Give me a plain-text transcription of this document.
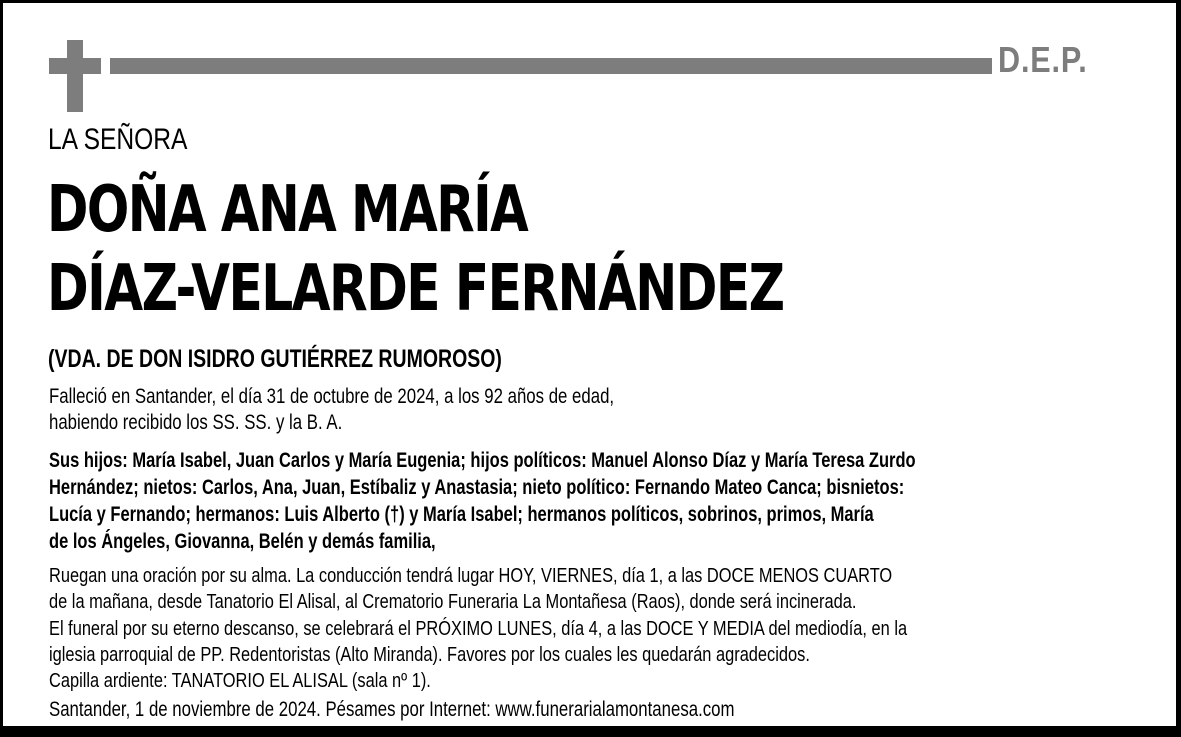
D.E.P.
LA SEÑORA
DOÑA ANA MARÍA
DÍAZ-VELARDE FERNÁNDEZ
(VDA. DE DON ISIDRO GUTIÉRREZ RUMOROSO)
Falleció en Santander, el día 31 de octubre de 2024, a los 92 años de edad,
habiendo recibido los SS. SS. y la B. A.
Sus hijos: María Isabel, Juan Carlos y María Eugenia; hijos políticos: Manuel Alonso Díaz y María Teresa Zurdo
Hernández; nietos: Carlos, Ana, Juan, Estíbaliz y Anastasia; nieto político: Fernando Mateo Canca; bisnietos:
Lucía y Fernando; hermanos: Luis Alberto (†) y María Isabel; hermanos políticos, sobrinos, primos, María
de los Ángeles, Giovanna, Belén y demás familia,
Ruegan una oración por su alma. La conducción tendrá lugar HOY, VIERNES, día 1, a las DOCE MENOS CUARTO
de la mañana, desde Tanatorio El Alisal, al Crematorio Funeraria La Montañesa (Raos), donde será incinerada.
El funeral por su eterno descanso, se celebrará el PRÓXIMO LUNES, día 4, a las DOCE Y MEDIA del mediodía, en la
iglesia parroquial de PP. Redentoristas (Alto Miranda). Favores por los cuales les quedarán agradecidos.
Capilla ardiente: TANATORIO EL ALISAL (sala nº 1).
Santander, 1 de noviembre de 2024. Pésames por Internet: www.funerarialamontanesa.com
